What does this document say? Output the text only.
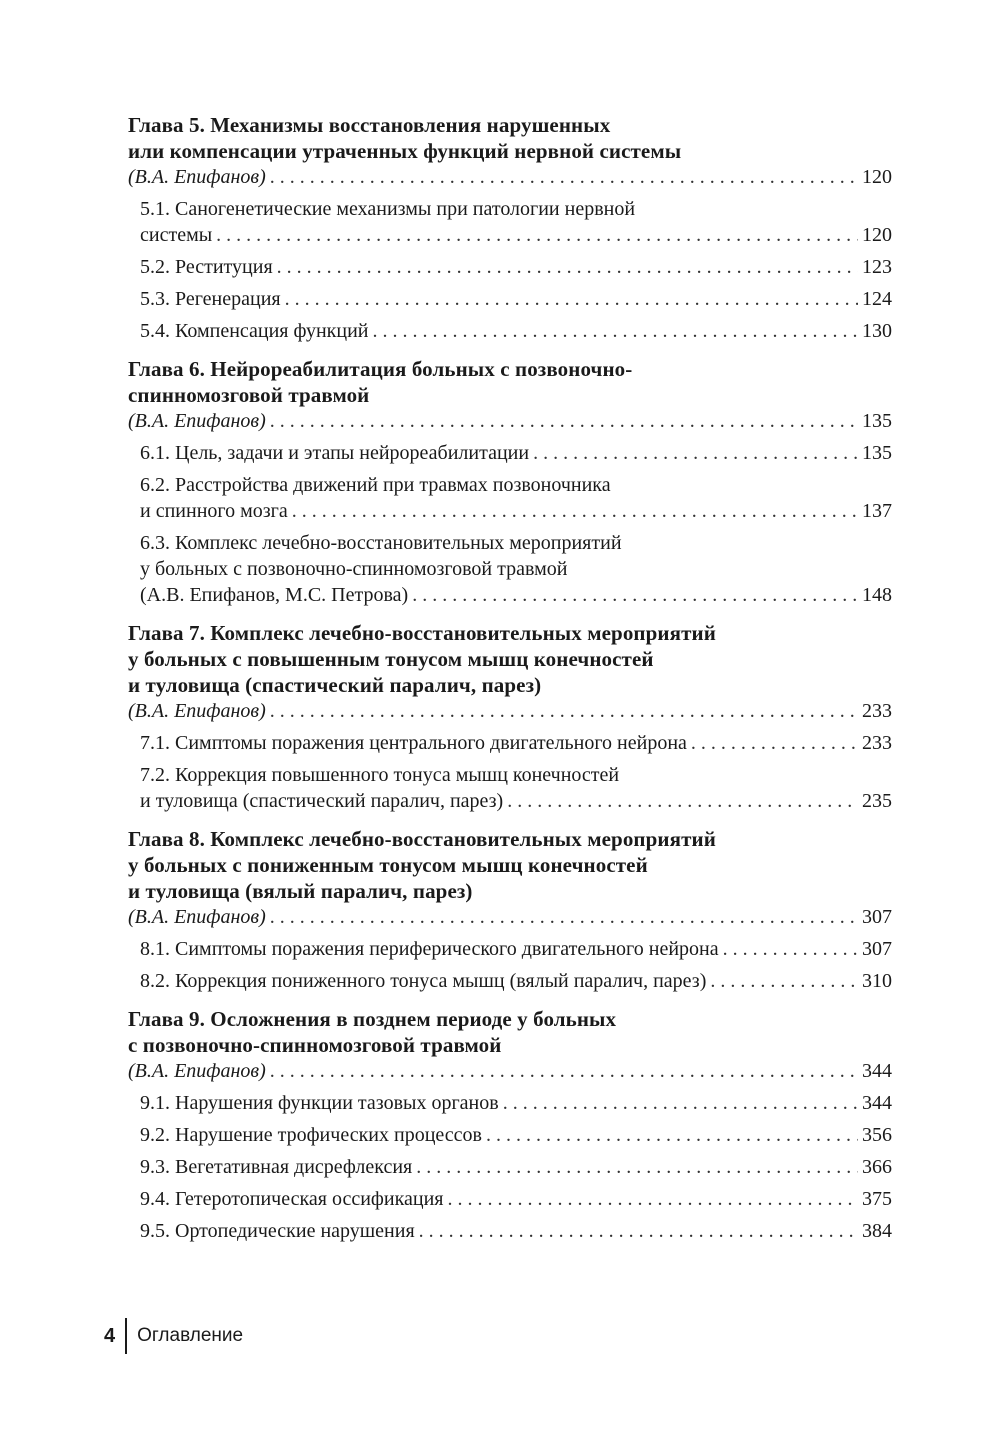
Глава 5. Механизмы восстановления нарушенных
или компенсации утраченных функций нервной системы
(В.А. Епифанов) . . .	120
5.1. Саногенетические механизмы при патологии нервной
системы . . .	120
5.2. Реституция . . .	123
5.3. Регенерация . . .	124
5.4. Компенсация функций . . .	130
Глава 6. Нейрореабилитация больных с позвоночно-
спинномозговой травмой
(В.А. Епифанов) . . .	135
6.1. Цель, задачи и этапы нейрореабилитации . . .	135
6.2. Расстройства движений при травмах позвоночника
и спинного мозга . . .	137
6.3. Комплекс лечебно-восстановительных мероприятий
у больных с позвоночно-спинномозговой травмой
(А.В. Епифанов, М.С. Петрова) . . .	148
Глава 7. Комплекс лечебно-восстановительных мероприятий
у больных с повышенным тонусом мышц конечностей
и туловища (спастический паралич, парез)
(В.А. Епифанов) . . .	233
7.1. Симптомы поражения центрального двигательного нейрона . . .	233
7.2. Коррекция повышенного тонуса мышц конечностей
и туловища (спастический паралич, парез) . . .	235
Глава 8. Комплекс лечебно-восстановительных мероприятий
у больных с пониженным тонусом мышц конечностей
и туловища (вялый паралич, парез)
(В.А. Епифанов) . . .	307
8.1. Симптомы поражения периферического двигательного нейрона . . .	307
8.2. Коррекция пониженного тонуса мышц (вялый паралич, парез) . . .	310
Глава 9. Осложнения в позднем периоде у больных
с позвоночно-спинномозговой травмой
(В.А. Епифанов) . . .	344
9.1. Нарушения функции тазовых органов . . .	344
9.2. Нарушение трофических процессов . . .	356
9.3. Вегетативная дисрефлексия . . .	366
9.4. Гетеротопическая оссификация . . .	375
9.5. Ортопедические нарушения . . .	384
4 Оглавление
